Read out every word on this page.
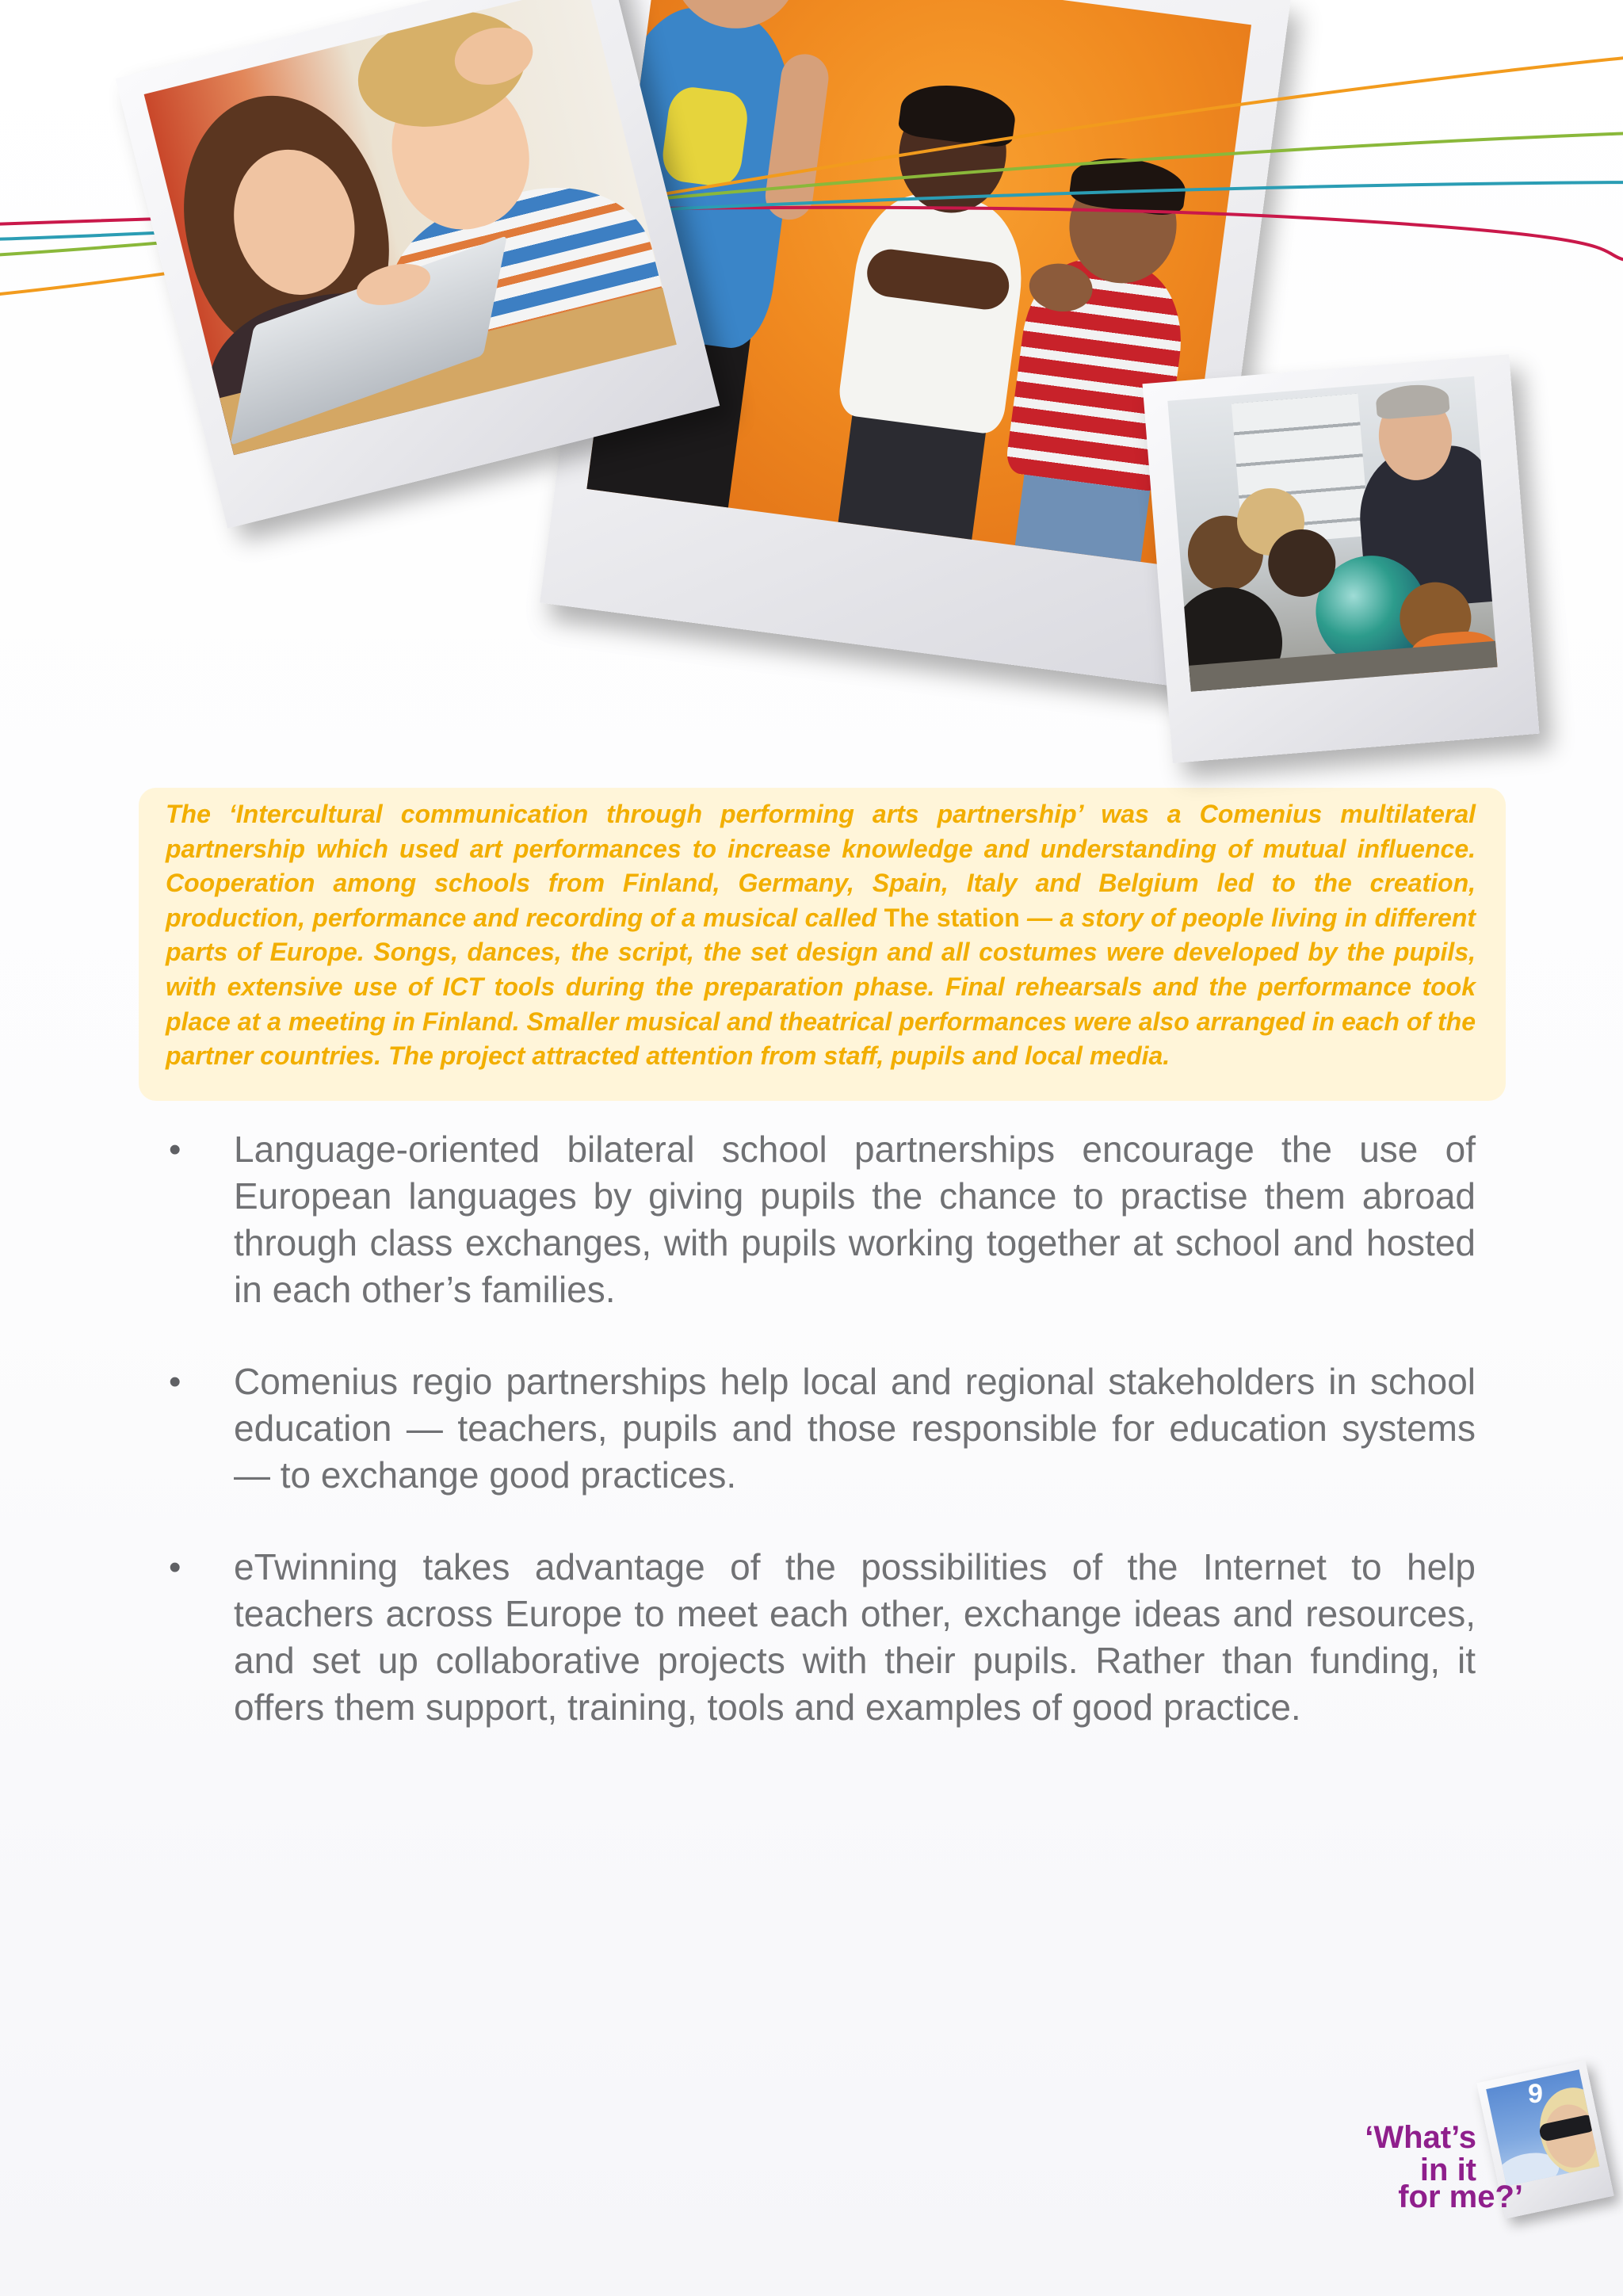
The ‘Intercultural communication through performing arts partnership’ was a Comenius multilateral partnership which used art performances to increase knowledge and understanding of mutual influence. Cooperation among schools from Finland, Germany, Spain, Italy and Belgium led to the creation, production, performance and recording of a musical called The station — a story of people living in different parts of Europe. Songs, dances, the script, the set design and all costumes were developed by the pupils, with extensive use of ICT tools during the preparation phase. Final rehearsals and the performance took place at a meeting in Finland. Smaller musical and theatrical performances were also arranged in each of the partner countries. The project attracted attention from staff, pupils and local media.

• Language-oriented bilateral school partnerships encourage the use of European languages by giving pupils the chance to practise them abroad through class exchanges, with pupils working together at school and hosted in each other’s families.
• Comenius regio partnerships help local and regional stakeholders in school education — teachers, pupils and those responsible for education systems — to exchange good practices.
• eTwinning takes advantage of the possibilities of the Internet to help teachers across Europe to meet each other, exchange ideas and resources, and set up collaborative projects with their pupils. Rather than funding, it offers them support, training, tools and examples of good practice.
9
‘What’s
in it
for me?’
